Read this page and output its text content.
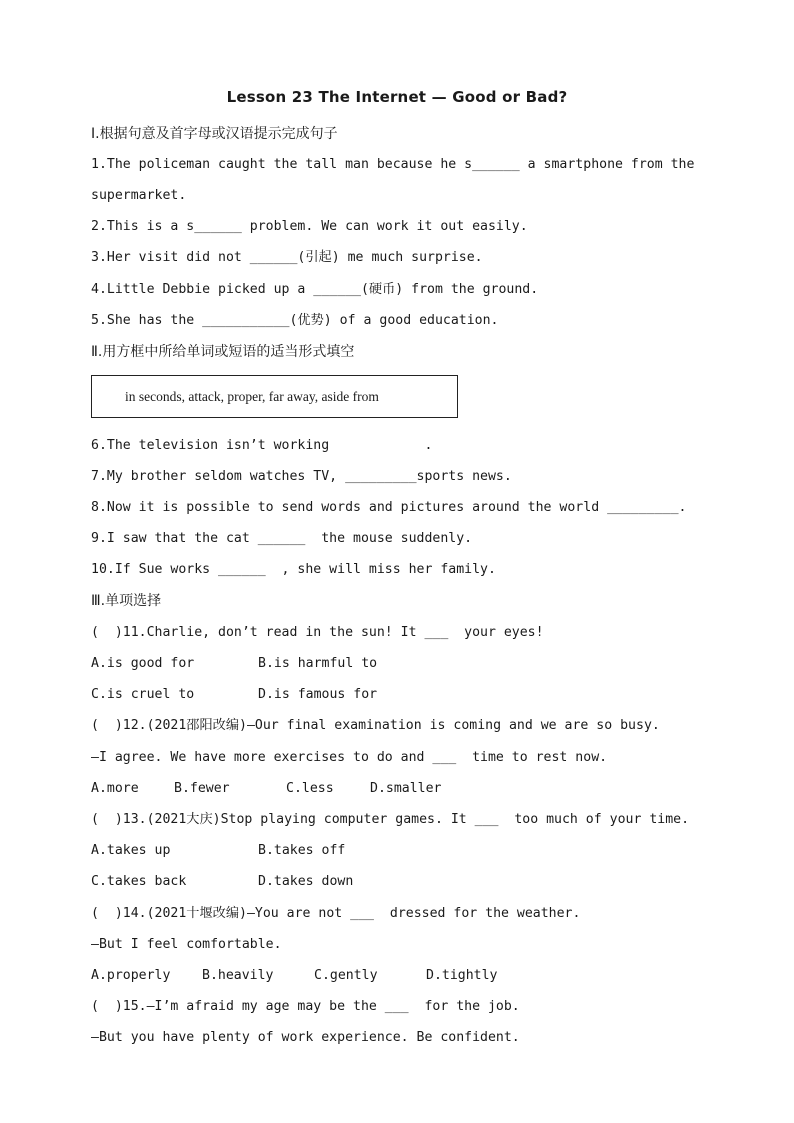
Lesson 23 The Internet — Good or Bad?
Ⅰ.根据句意及首字母或汉语提示完成句子
1.The policeman caught the tall man because he s______ a smartphone from the
supermarket.
2.This is a s______ problem. We can work it out easily.
3.Her visit did not ______(引起) me much surprise.
4.Little Debbie picked up a ______(硬币) from the ground.
5.She has the ___________(优势) of a good education.
Ⅱ.用方框中所给单词或短语的适当形式填空
in seconds, attack, proper, far away, aside from
6.The television isn’t working            .
7.My brother seldom watches TV, _________sports news.
8.Now it is possible to send words and pictures around the world _________.
9.I saw that the cat ______  the mouse suddenly.
10.If Sue works ______  , she will miss her family.
Ⅲ.单项选择
(  )11.Charlie, don’t read in the sun! It ___  your eyes!
A.is good for	B.is harmful to
C.is cruel to	D.is famous for
(  )12.(2021邵阳改编)—Our final examination is coming and we are so busy.
—I agree. We have more exercises to do and ___  time to rest now.
A.more	B.fewer	C.less	D.smaller
(  )13.(2021大庆)Stop playing computer games. It ___  too much of your time.
A.takes up	B.takes off
C.takes back	D.takes down
(  )14.(2021十堰改编)—You are not ___  dressed for the weather.
—But I feel comfortable.
A.properly B.heavily	C.gently	D.tightly
(  )15.—I’m afraid my age may be the ___  for the job.
—But you have plenty of work experience. Be confident.
